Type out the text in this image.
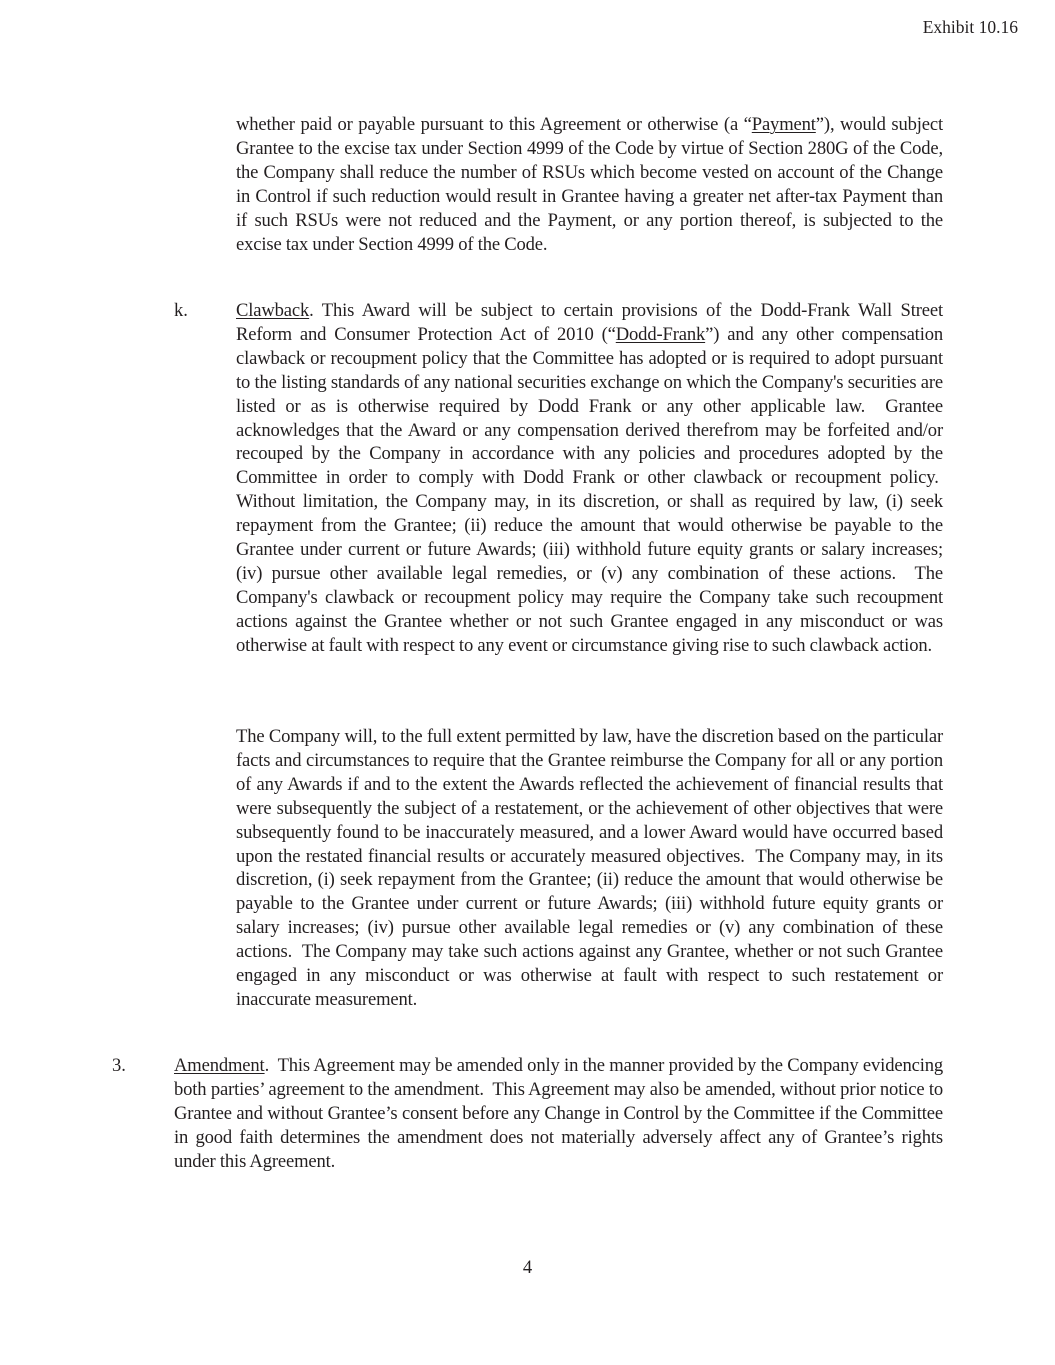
Exhibit 10.16

whether paid or payable pursuant to this Agreement or otherwise (a “Payment”), would subject Grantee to the excise tax under Section 4999 of the Code by virtue of Section 280G of the Code, the Company shall reduce the number of RSUs which become vested on account of the Change in Control if such reduction would result in Grantee having a greater net after-tax Payment than if such RSUs were not reduced and the Payment, or any portion thereof, is subjected to the excise tax under Section 4999 of the Code.

k.	Clawback. This Award will be subject to certain provisions of the Dodd-Frank Wall Street Reform and Consumer Protection Act of 2010 (“Dodd-Frank”) and any other compensation clawback or recoupment policy that the Committee has adopted or is required to adopt pursuant to the listing standards of any national securities exchange on which the Company's securities are listed or as is otherwise required by Dodd Frank or any other applicable law.  Grantee acknowledges that the Award or any compensation derived therefrom may be forfeited and/or recouped by the Company in accordance with any policies and procedures adopted by the Committee in order to comply with Dodd Frank or other clawback or recoupment policy.  Without limitation, the Company may, in its discretion, or shall as required by law, (i) seek repayment from the Grantee; (ii) reduce the amount that would otherwise be payable to the Grantee under current or future Awards; (iii) withhold future equity grants or salary increases; (iv) pursue other available legal remedies, or (v) any combination of these actions.  The Company's clawback or recoupment policy may require the Company take such recoupment actions against the Grantee whether or not such Grantee engaged in any misconduct or was otherwise at fault with respect to any event or circumstance giving rise to such clawback action.

The Company will, to the full extent permitted by law, have the discretion based on the particular facts and circumstances to require that the Grantee reimburse the Company for all or any portion of any Awards if and to the extent the Awards reflected the achievement of financial results that were subsequently the subject of a restatement, or the achievement of other objectives that were subsequently found to be inaccurately measured, and a lower Award would have occurred based upon the restated financial results or accurately measured objectives.  The Company may, in its discretion, (i) seek repayment from the Grantee; (ii) reduce the amount that would otherwise be payable to the Grantee under current or future Awards; (iii) withhold future equity grants or salary increases; (iv) pursue other available legal remedies or (v) any combination of these actions.  The Company may take such actions against any Grantee, whether or not such Grantee engaged in any misconduct or was otherwise at fault with respect to such restatement or inaccurate measurement.

3.	Amendment.  This Agreement may be amended only in the manner provided by the Company evidencing both parties’ agreement to the amendment.  This Agreement may also be amended, without prior notice to Grantee and without Grantee’s consent before any Change in Control by the Committee if the Committee in good faith determines the amendment does not materially adversely affect any of Grantee’s rights under this Agreement.

4
